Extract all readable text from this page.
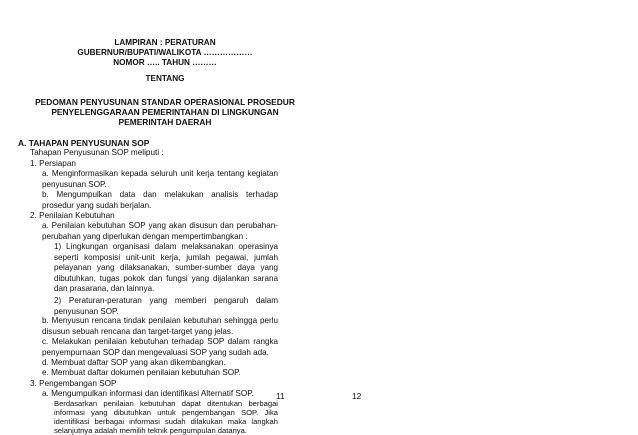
LAMPIRAN : PERATURAN
GUBERNUR/BUPATI/WALIKOTA ………………
NOMOR ….. TAHUN ………
TENTANG
PEDOMAN PENYUSUNAN STANDAR OPERASIONAL PROSEDUR
PENYELENGGARAAN PEMERINTAHAN DI LINGKUNGAN
PEMERINTAH DAERAH
A. TAHAPAN PENYUSUNAN SOP
Tahapan Penyusunan SOP meliputi :
1. Persiapan
a. Menginformasikan kepada seluruh unit kerja tentang kegiatan penyusunan SOP.
b. Mengumpulkan data dan melakukan analisis terhadap prosedur yang sudah berjalan.
2. Penilaian Kebutuhan
a. Penilaian kebutuhan SOP yang akan disusun dan perubahan-perubahan yang diperlukan dengan mempertimbangkan :
1) Lingkungan organisasi dalam melaksanakan operasinya seperti komposisi unit-unit kerja, jumlah pegawai, jumlah pelayanan yang dilaksanakan, sumber-sumber daya yang dibutuhkan, tugas pokok dan fungsi yang dijalankan sarana dan prasarana, dan lainnya.
2) Peraturan-peraturan yang memberi pengaruh dalam penyusunan SOP.
b. Menyusun rencana tindak penilaian kebutuhan sehingga perlu disusun sebuah rencana dan target-target yang jelas.
c. Melakukan penilaian kebutuhan terhadap SOP dalam rangka penyempurnaan SOP dan mengevaluasi SOP yang sudah ada.
d. Membuat daftar SOP yang akan dikembangkan.
e. Membuat daftar dokumen penilaian kebutuhan SOP.
3. Pengembangan SOP
a. Mengumpulkan informasi dan identifikasi Alternatif SOP.
Berdasarkan penilaian kebutuhan dapat ditentukan berbagai informasi yang dibutuhkan untuk pengembangan SOP. Jika identifikasi berbagai informasi sudah dilakukan maka langkah selanjutnya adalah memilih teknik pengumpulan datanya.
11	12
